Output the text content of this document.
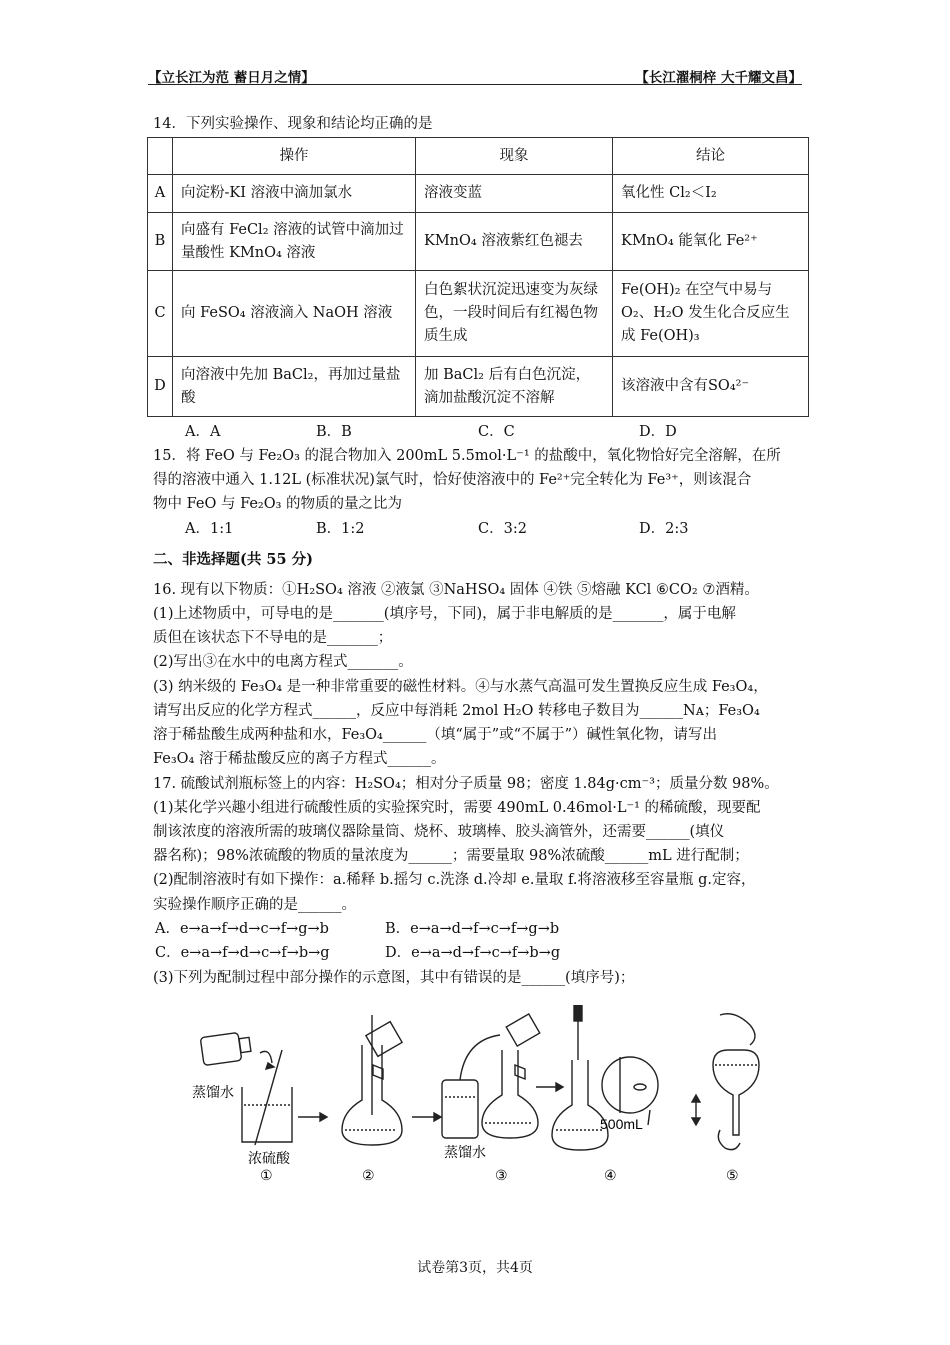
【立长江为范 蓄日月之情】	【长江濯桐梓 大千耀文昌】
14．下列实验操作、现象和结论均正确的是
	操作	现象	结论
A	向淀粉-KI 溶液中滴加氯水	溶液变蓝	氧化性 Cl₂＜I₂
B	向盛有 FeCl₂ 溶液的试管中滴加过量酸性 KMnO₄ 溶液	KMnO₄ 溶液紫红色褪去	KMnO₄ 能氧化 Fe²⁺
C	向 FeSO₄ 溶液滴入 NaOH 溶液	白色絮状沉淀迅速变为灰绿色，一段时间后有红褐色物质生成	Fe(OH)₂ 在空气中易与 O₂、H₂O 发生化合反应生成 Fe(OH)₃
D	向溶液中先加 BaCl₂，再加过量盐酸	加 BaCl₂ 后有白色沉淀，滴加盐酸沉淀不溶解	该溶液中含有SO₄²⁻
A．A	B．B	C．C	D．D
15．将 FeO 与 Fe₂O₃ 的混合物加入 200mL 5.5mol·L⁻¹ 的盐酸中，氧化物恰好完全溶解，在所
得的溶液中通入 1.12L (标准状况)氯气时，恰好使溶液中的 Fe²⁺完全转化为 Fe³⁺，则该混合
物中 FeO 与 Fe₂O₃ 的物质的量之比为
A．1:1	B．1:2	C．3:2	D．2:3
二、非选择题(共 55 分)
16. 现有以下物质：①H₂SO₄ 溶液 ②液氯 ③NaHSO₄ 固体 ④铁 ⑤熔融 KCl ⑥CO₂ ⑦酒精。
(1)上述物质中，可导电的是_______(填序号，下同)，属于非电解质的是_______，属于电解
质但在该状态下不导电的是_______；
(2)写出③在水中的电离方程式_______。
(3) 纳米级的 Fe₃O₄ 是一种非常重要的磁性材料。④与水蒸气高温可发生置换反应生成 Fe₃O₄，
请写出反应的化学方程式______，反应中每消耗 2mol H₂O 转移电子数目为______Nᴀ；Fe₃O₄
溶于稀盐酸生成两种盐和水，Fe₃O₄______（填“属于”或“不属于”）碱性氧化物，请写出
Fe₃O₄ 溶于稀盐酸反应的离子方程式______。
17. 硫酸试剂瓶标签上的内容：H₂SO₄；相对分子质量 98；密度 1.84g·cm⁻³；质量分数 98%。
(1)某化学兴趣小组进行硫酸性质的实验探究时，需要 490mL 0.46mol·L⁻¹ 的稀硫酸，现要配
制该浓度的溶液所需的玻璃仪器除量筒、烧杯、玻璃棒、胶头滴管外，还需要______(填仪
器名称)；98%浓硫酸的物质的量浓度为______；需要量取 98%浓硫酸______mL 进行配制；
(2)配制溶液时有如下操作：a.稀释 b.摇匀 c.洗涤 d.冷却 e.量取 f.将溶液移至容量瓶 g.定容，
实验操作顺序正确的是______。
A．e→a→f→d→c→f→g→b	B．e→a→d→f→c→f→g→b
C．e→a→f→d→c→f→b→g	D．e→a→d→f→c→f→b→g
(3)下列为配制过程中部分操作的示意图，其中有错误的是______(填序号)；
蒸馏水
浓硫酸
①	②
蒸馏水
③
500mL
④	⑤
试卷第3页，共4页
